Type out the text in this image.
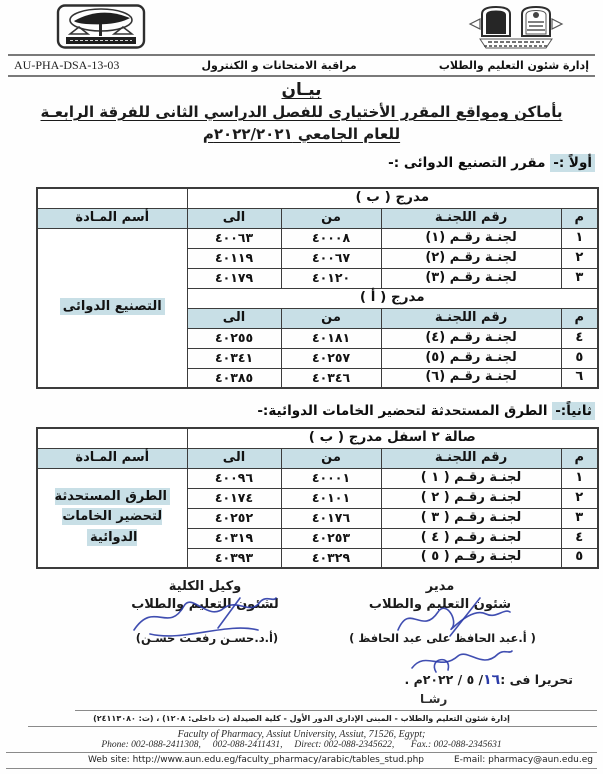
AU-PHA-DSA-13-03	مراقبة الامتحانات و الكنترول	إدارة شئون التعليم والطلاب
بيـان
بأماكن ومواقع المقرر الأختيارى للفصل الدراسي الثانى للفرقة الرابعـة
للعام الجامعي ٢٠٢٢/٢٠٢١م
أولاً :- مقرر التصنيع الدوائى :-
مدرج ( ب )				
م	رقم اللجنـة	من	الى	أسم المـادة
١	لجنـة رقـم (١)	٤٠٠٠٨	٤٠٠٦٣	التصنيع الدوائى
٢	لجنـة رقـم (٢)	٤٠٠٦٧	٤٠١١٩	
٣	لجنـة رقـم (٣)	٤٠١٢٠	٤٠١٧٩	
مدرج ( أ )				
م	رقم اللجنـة	من	الى	
٤	لجنـة رقـم (٤)	٤٠١٨١	٤٠٢٥٥	
٥	لجنـة رقـم (٥)	٤٠٢٥٧	٤٠٣٤١	
٦	لجنـة رقـم (٦)	٤٠٣٤٦	٤٠٣٨٥	
ثانياً:- الطرق المستحدثة لتحضير الخامات الدوائية:-
صالة ٢ اسفل مدرج ( ب )				
م	رقم اللجنـة	من	الى	أسم المـادة
١	لجنـة رقـم ( ١ )	٤٠٠٠١	٤٠٠٩٦	الطرق المستحدثة لتحضير الخامات الدوائية
٢	لجنـة رقـم ( ٢ )	٤٠١٠١	٤٠١٧٤	
٣	لجنـة رقـم ( ٣ )	٤٠١٧٦	٤٠٢٥٢	
٤	لجنـة رقـم ( ٤ )	٤٠٢٥٣	٤٠٣١٩	
٥	لجنـة رقـم ( ٥ )	٤٠٣٢٩	٤٠٣٩٣	
مدير
شئون التعليم والطلاب
( أ.عبد الحافظ على عبد الحافظ )
وكيل الكلية
لشئون التعليم والطلاب
(أ.د.حسـن رفعـت حسـن)
تحريرا فى :١٦/ ٥ / ٢٠٢٢م .
رشـا
إدارة شئون التعليم والطلاب - المبنى الإدارى الدور الأول - كلية الصيدلة (ت داخلى: ١٢٠٨) ، (ت: ٢٤١١٣٠٨٠)
Faculty of Pharmacy, Assiut University, Assiut, 71526, Egypt;
Phone: 002-088-2411308,     002-088-2411431,     Direct: 002-088-2345622,       Fax.: 002-088-2345631
Web site: http://www.aun.edu.eg/faculty_pharmacy/arabic/tables_stud.php	E-mail: pharmacy@aun.edu.eg
